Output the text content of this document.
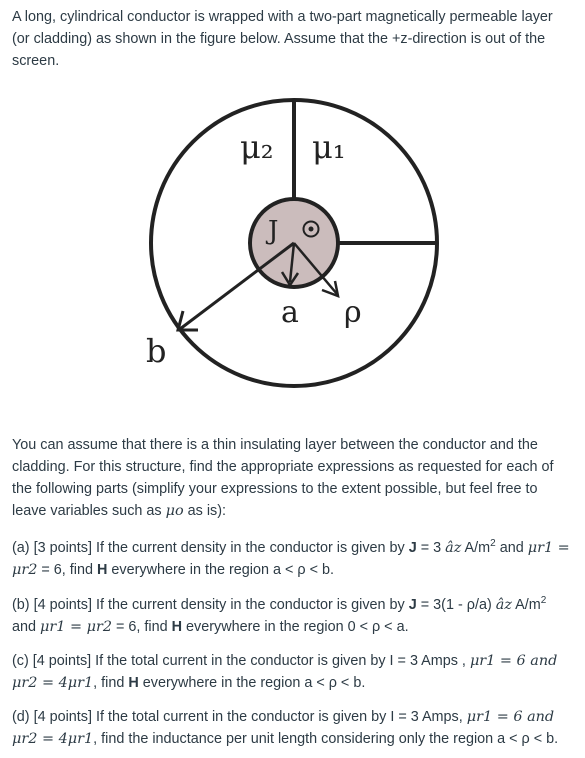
A long, cylindrical conductor is wrapped with a two-part magnetically permeable layer (or cladding) as shown in the figure below. Assume that the +z-direction is out of the screen.

μ₂ μ₁
J
a ρ
b

You can assume that there is a thin insulating layer between the conductor and the cladding. For this structure, find the appropriate expressions as requested for each of the following parts (simplify your expressions to the extent possible, but feel free to leave variables such as μo as is):

(a) [3 points] If the current density in the conductor is given by J = 3 âz $A/m^2$ and μr1 = μr2 = 6, find H everywhere in the region a < ρ < b.

(b) [4 points] If the current density in the conductor is given by J = 3(1 - ρ/a) âz $A/m^2$ and μr1 = μr2 = 6, find H everywhere in the region 0 < ρ < a.

(c) [4 points] If the total current in the conductor is given by I = 3 Amps , μr1 = 6 and μr2 = 4μr1, find H everywhere in the region a < ρ < b.

(d) [4 points] If the total current in the conductor is given by I = 3 Amps, μr1 = 6 and μr2 = 4μr1, find the inductance per unit length considering only the region a < ρ < b.
